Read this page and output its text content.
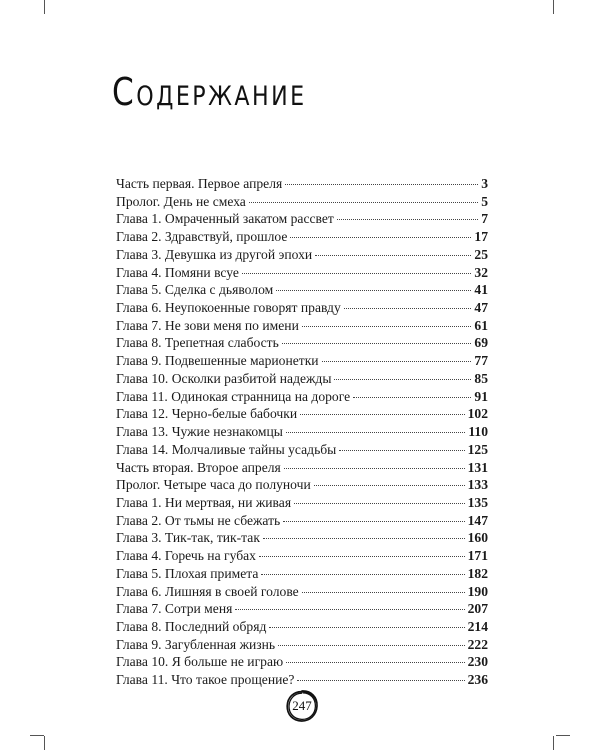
Содержание
Часть первая. Первое апреля	3
Пролог. День не смеха	5
Глава 1. Омраченный закатом рассвет	7
Глава 2. Здравствуй, прошлое	17
Глава 3. Девушка из другой эпохи	25
Глава 4. Помяни всуе	32
Глава 5. Сделка с дьяволом	41
Глава 6. Неупокоенные говорят правду	47
Глава 7. Не зови меня по имени	61
Глава 8. Трепетная слабость	69
Глава 9. Подвешенные марионетки	77
Глава 10. Осколки разбитой надежды	85
Глава 11. Одинокая странница на дороге	91
Глава 12. Черно-белые бабочки	102
Глава 13. Чужие незнакомцы	110
Глава 14. Молчаливые тайны усадьбы	125
Часть вторая. Второе апреля	131
Пролог. Четыре часа до полуночи	133
Глава 1. Ни мертвая, ни живая	135
Глава 2. От тьмы не сбежать	147
Глава 3. Тик-так, тик-так	160
Глава 4. Горечь на губах	171
Глава 5. Плохая примета	182
Глава 6. Лишняя в своей голове	190
Глава 7. Сотри меня	207
Глава 8. Последний обряд	214
Глава 9. Загубленная жизнь	222
Глава 10. Я больше не играю	230
Глава 11. Что такое прощение?	236
247
